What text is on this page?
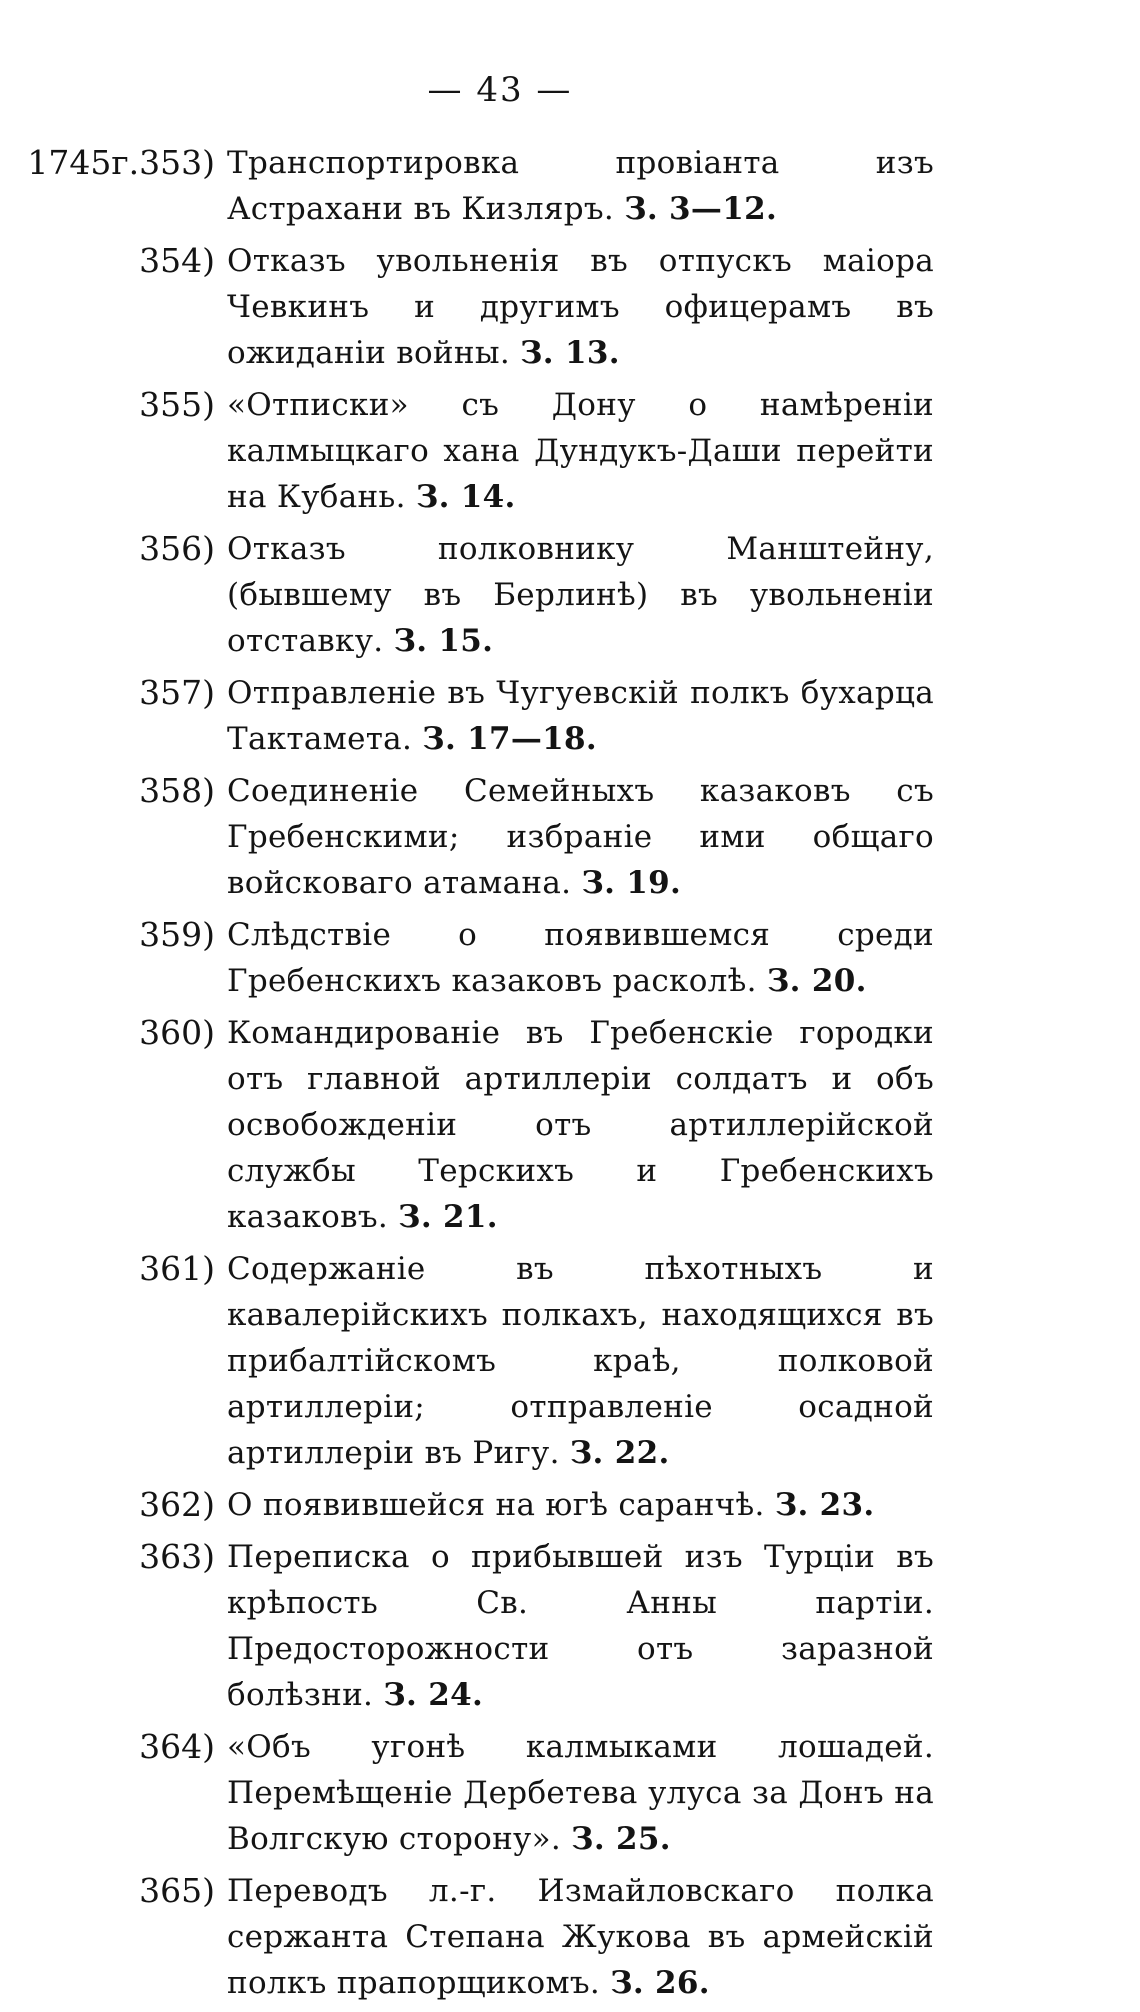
— 43 —
1745г.353) Транспортировка провіанта изъ Астрахани въ Кизляръ. З. 3—12.
354) Отказъ увольненія въ отпускъ маіора Чевкинъ и другимъ офицерамъ въ ожиданіи войны. З. 13.
355) «Отписки» съ Дону о намѣреніи калмыцкаго хана Дундукъ-Даши перейти на Кубань. З. 14.
356) Отказъ полковнику Манштейну, (бывшему въ Берлинѣ) въ увольненіи отставку. З. 15.
357) Отправленіе въ Чугуевскій полкъ бухарца Тактамета. З. 17—18.
358) Соединеніе Семейныхъ казаковъ съ Гребенскими; избраніе ими общаго войсковаго атамана. З. 19.
359) Слѣдствіе о появившемся среди Гребенскихъ казаковъ расколѣ. З. 20.
360) Командированіе въ Гребенскіе городки отъ главной артиллеріи солдатъ и объ освобожденіи отъ артиллерійской службы Терскихъ и Гребенскихъ казаковъ. З. 21.
361) Содержаніе въ пѣхотныхъ и кавалерійскихъ полкахъ, находящихся въ прибалтійскомъ краѣ, полковой артиллеріи; отправленіе осадной артиллеріи въ Ригу. З. 22.
362) О появившейся на югѣ саранчѣ. З. 23.
363) Переписка о прибывшей изъ Турціи въ крѣпость Св. Анны партіи. Предосторожности отъ заразной болѣзни. З. 24.
364) «Объ угонѣ калмыками лошадей. Перемѣщеніе Дербетева улуса за Донъ на Волгскую сторону». З. 25.
365) Переводъ л.-г. Измайловскаго полка сержанта Степана Жукова въ армейскій полкъ прапорщикомъ. З. 26.
